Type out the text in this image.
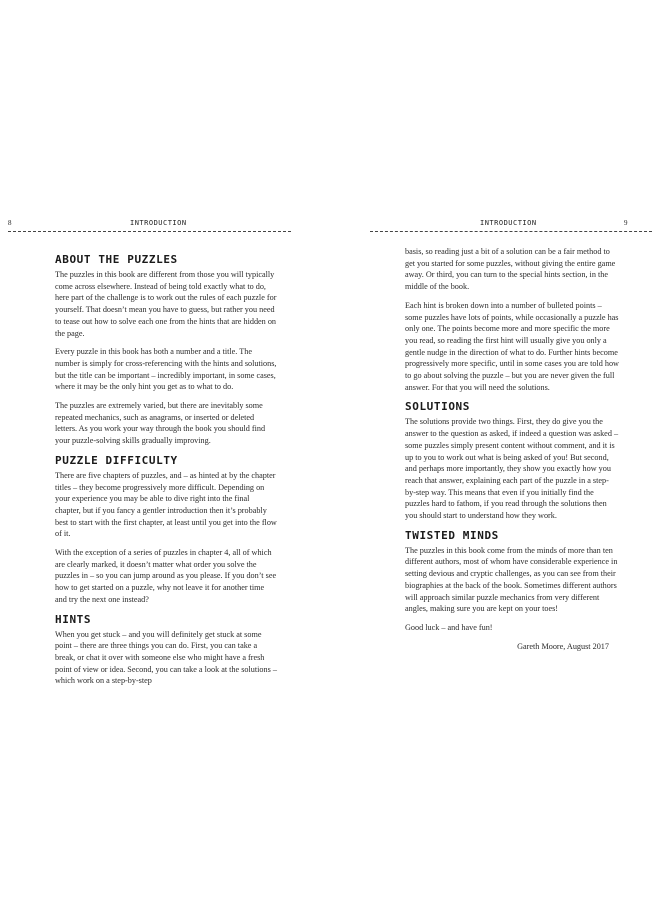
8	INTRODUCTION
ABOUT THE PUZZLES

The puzzles in this book are different from those you will typically come across elsewhere. Instead of being told exactly what to do, here part of the challenge is to work out the rules of each puzzle for yourself. That doesn’t mean you have to guess, but rather you need to tease out how to solve each one from the hints that are hidden on the page.

Every puzzle in this book has both a number and a title. The number is simply for cross-referencing with the hints and solutions, but the title can be important – incredibly important, in some cases, where it may be the only hint you get as to what to do.

The puzzles are extremely varied, but there are inevitably some repeated mechanics, such as anagrams, or inserted or deleted letters. As you work your way through the book you should find your puzzle-solving skills gradually improving.

PUZZLE DIFFICULTY

There are five chapters of puzzles, and – as hinted at by the chapter titles – they become progressively more difficult. Depending on your experience you may be able to dive right into the final chapter, but if you fancy a gentler introduction then it’s probably best to start with the first chapter, at least until you get into the flow of it.

With the exception of a series of puzzles in chapter 4, all of which are clearly marked, it doesn’t matter what order you solve the puzzles in – so you can jump around as you please. If you don’t see how to get started on a puzzle, why not leave it for another time and try the next one instead?

HINTS

When you get stuck – and you will definitely get stuck at some point – there are three things you can do. First, you can take a break, or chat it over with someone else who might have a fresh point of view or idea. Second, you can take a look at the solutions – which work on a step-by-step

INTRODUCTION	9

basis, so reading just a bit of a solution can be a fair method to get you started for some puzzles, without giving the entire game away. Or third, you can turn to the special hints section, in the middle of the book.

Each hint is broken down into a number of bulleted points – some puzzles have lots of points, while occasionally a puzzle has only one. The points become more and more specific the more you read, so reading the first hint will usually give you only a gentle nudge in the direction of what to do. Further hints become progressively more specific, until in some cases you are told how to go about solving the puzzle – but you are never given the full answer. For that you will need the solutions.

SOLUTIONS

The solutions provide two things. First, they do give you the answer to the question as asked, if indeed a question was asked – some puzzles simply present content without comment, and it is up to you to work out what is being asked of you! But second, and perhaps more importantly, they show you exactly how you reach that answer, explaining each part of the puzzle in a step-by-step way. This means that even if you initially find the puzzles hard to fathom, if you read through the solutions then you should start to understand how they work.

TWISTED MINDS

The puzzles in this book come from the minds of more than ten different authors, most of whom have considerable experience in setting devious and cryptic challenges, as you can see from their biographies at the back of the book. Sometimes different authors will approach similar puzzle mechanics from very different angles, making sure you are kept on your toes!

Good luck – and have fun!

Gareth Moore, August 2017
